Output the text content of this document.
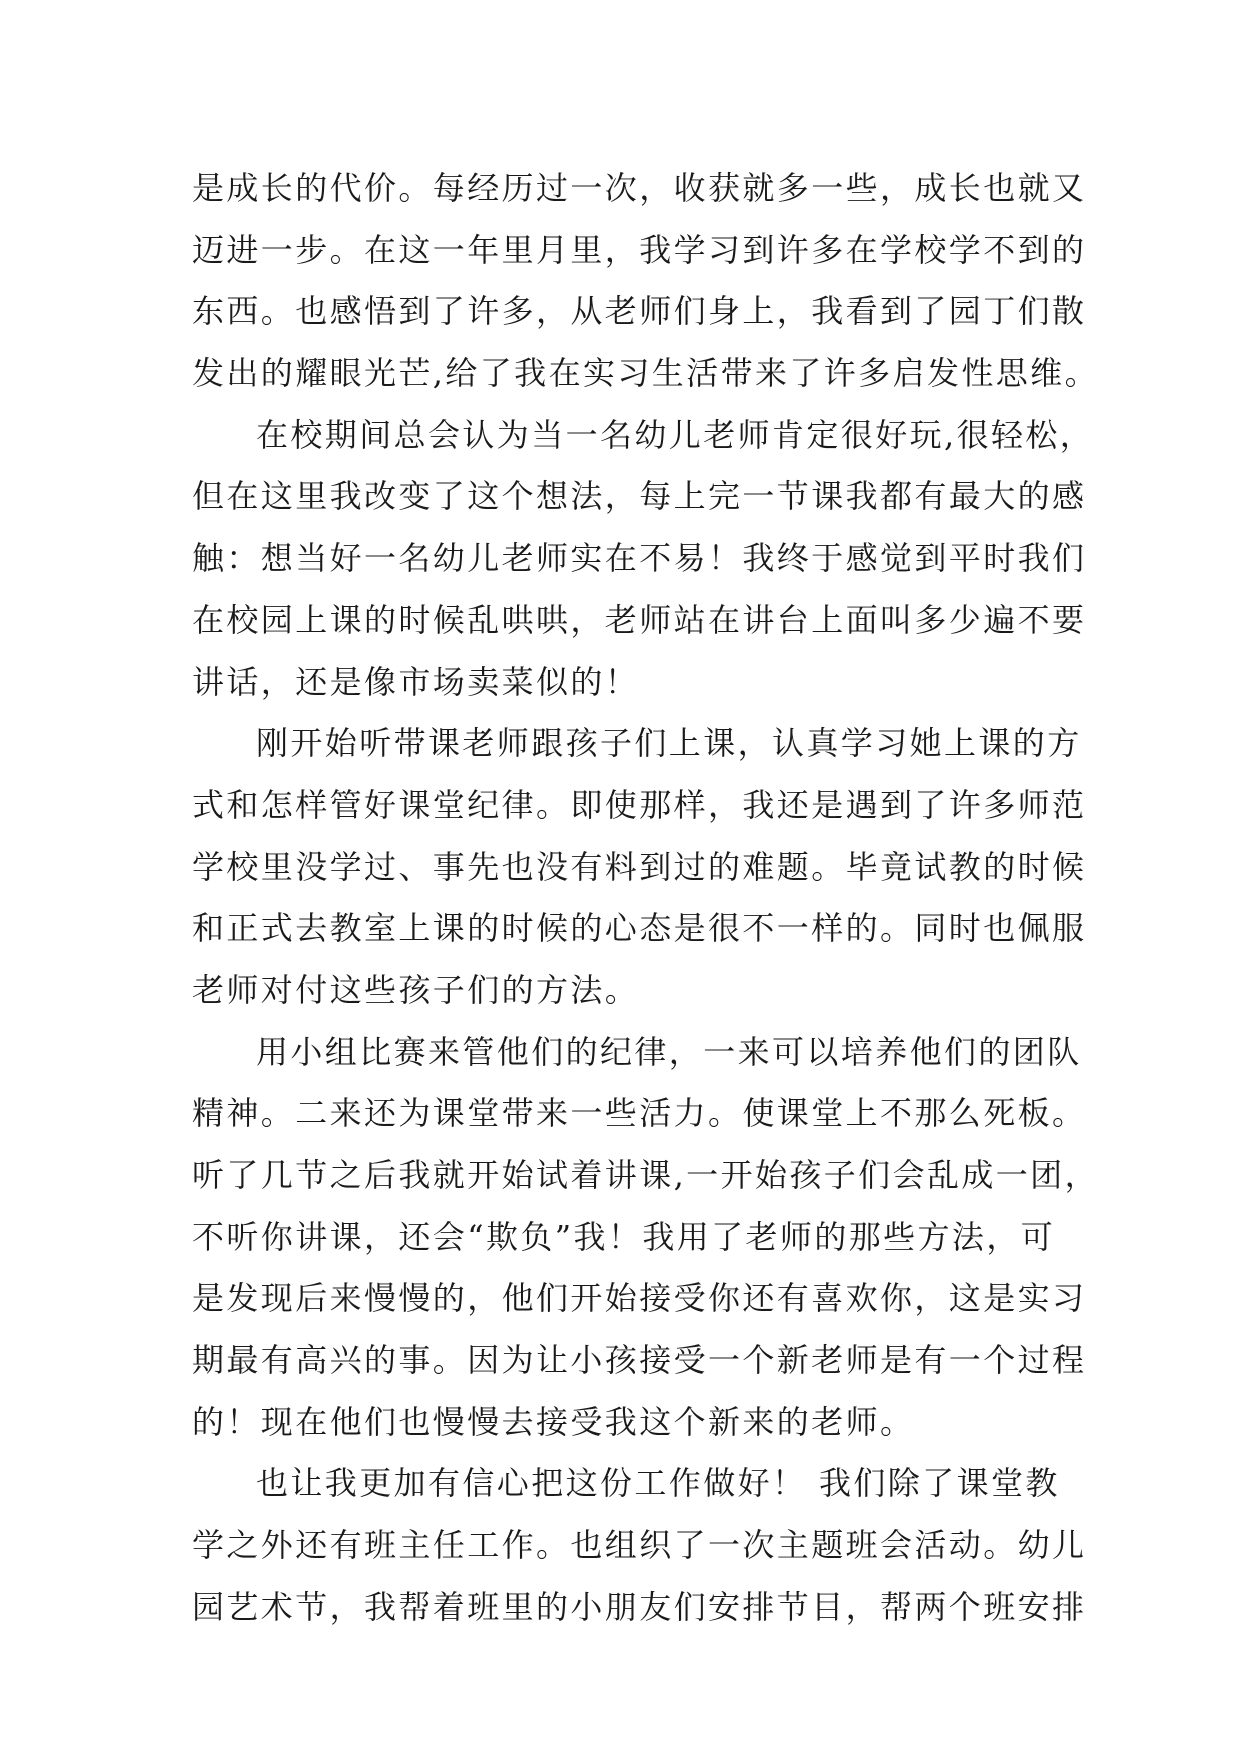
是成长的代价。每经历过一次，收获就多一些，成长也就又
迈进一步。在这一年里月里，我学习到许多在学校学不到的
东西。也感悟到了许多，从老师们身上，我看到了园丁们散
发出的耀眼光芒,给了我在实习生活带来了许多启发性思维。
在校期间总会认为当一名幼儿老师肯定很好玩,很轻松，
但在这里我改变了这个想法，每上完一节课我都有最大的感
触：想当好一名幼儿老师实在不易！我终于感觉到平时我们
在校园上课的时候乱哄哄，老师站在讲台上面叫多少遍不要
讲话，还是像市场卖菜似的！
刚开始听带课老师跟孩子们上课，认真学习她上课的方
式和怎样管好课堂纪律。即使那样，我还是遇到了许多师范
学校里没学过、事先也没有料到过的难题。毕竟试教的时候
和正式去教室上课的时候的心态是很不一样的。同时也佩服
老师对付这些孩子们的方法。
用小组比赛来管他们的纪律，一来可以培养他们的团队
精神。二来还为课堂带来一些活力。使课堂上不那么死板。
听了几节之后我就开始试着讲课,一开始孩子们会乱成一团，
不听你讲课，还会“欺负”我！我用了老师的那些方法，可
是发现后来慢慢的，他们开始接受你还有喜欢你，这是实习
期最有高兴的事。因为让小孩接受一个新老师是有一个过程
的！现在他们也慢慢去接受我这个新来的老师。
也让我更加有信心把这份工作做好！ 我们除了课堂教
学之外还有班主任工作。也组织了一次主题班会活动。幼儿
园艺术节，我帮着班里的小朋友们安排节目，帮两个班安排
